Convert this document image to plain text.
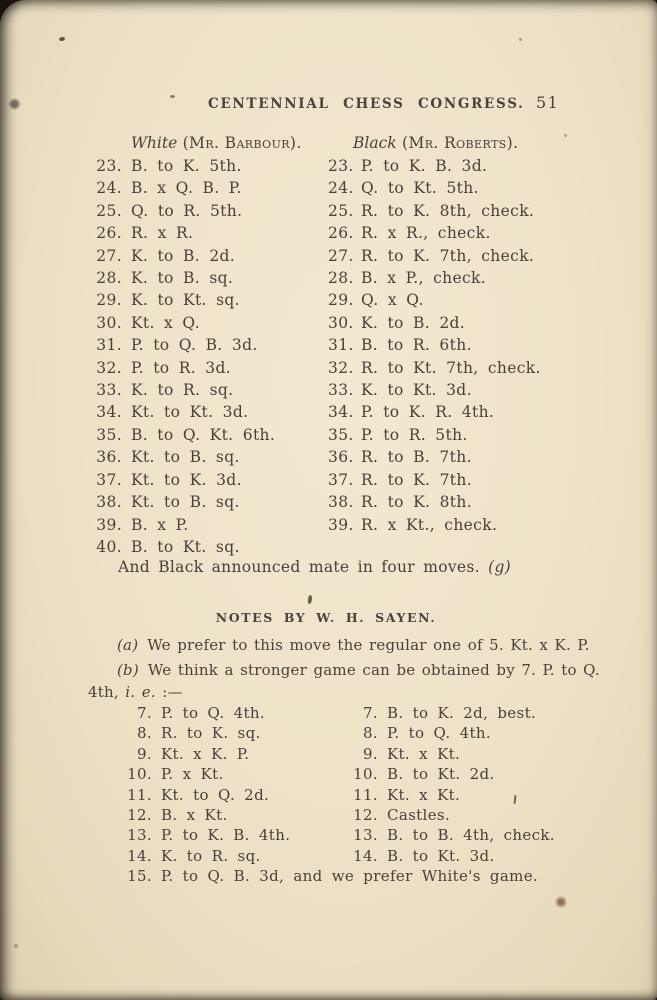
CENTENNIAL CHESS CONGRESS. 51
White (Mr. Barbour).	Black (Mr. Roberts).
23. B. to K. 5th.	23. P. to K. B. 3d.
24. B. x Q. B. P.	24. Q. to Kt. 5th.
25. Q. to R. 5th.	25. R. to K. 8th, check.
26. R. x R.	26. R. x R., check.
27. K. to B. 2d.	27. R. to K. 7th, check.
28. K. to B. sq.	28. B. x P., check.
29. K. to Kt. sq.	29. Q. x Q.
30. Kt. x Q.	30. K. to B. 2d.
31. P. to Q. B. 3d.	31. B. to R. 6th.
32. P. to R. 3d.	32. R. to Kt. 7th, check.
33. K. to R. sq.	33. K. to Kt. 3d.
34. Kt. to Kt. 3d.	34. P. to K. R. 4th.
35. B. to Q. Kt. 6th.	35. P. to R. 5th.
36. Kt. to B. sq.	36. R. to B. 7th.
37. Kt. to K. 3d.	37. R. to K. 7th.
38. Kt. to B. sq.	38. R. to K. 8th.
39. B. x P.	39. R. x Kt., check.
40. B. to Kt. sq.
And Black announced mate in four moves. (g)
NOTES BY W. H. SAYEN.
(a) We prefer to this move the regular one of 5. Kt. x K. P.
(b) We think a stronger game can be obtained by 7. P. to Q.
4th, i. e. :—
7. P. to Q. 4th.	7. B. to K. 2d, best.
8. R. to K. sq.	8. P. to Q. 4th.
9. Kt. x K. P.	9. Kt. x Kt.
10. P. x Kt.	10. B. to Kt. 2d.
11. Kt. to Q. 2d.	11. Kt. x Kt.
12. B. x Kt.	12. Castles.
13. P. to K. B. 4th.	13. B. to B. 4th, check.
14. K. to R. sq.	14. B. to Kt. 3d.
15. P. to Q. B. 3d, and we prefer White's game.
